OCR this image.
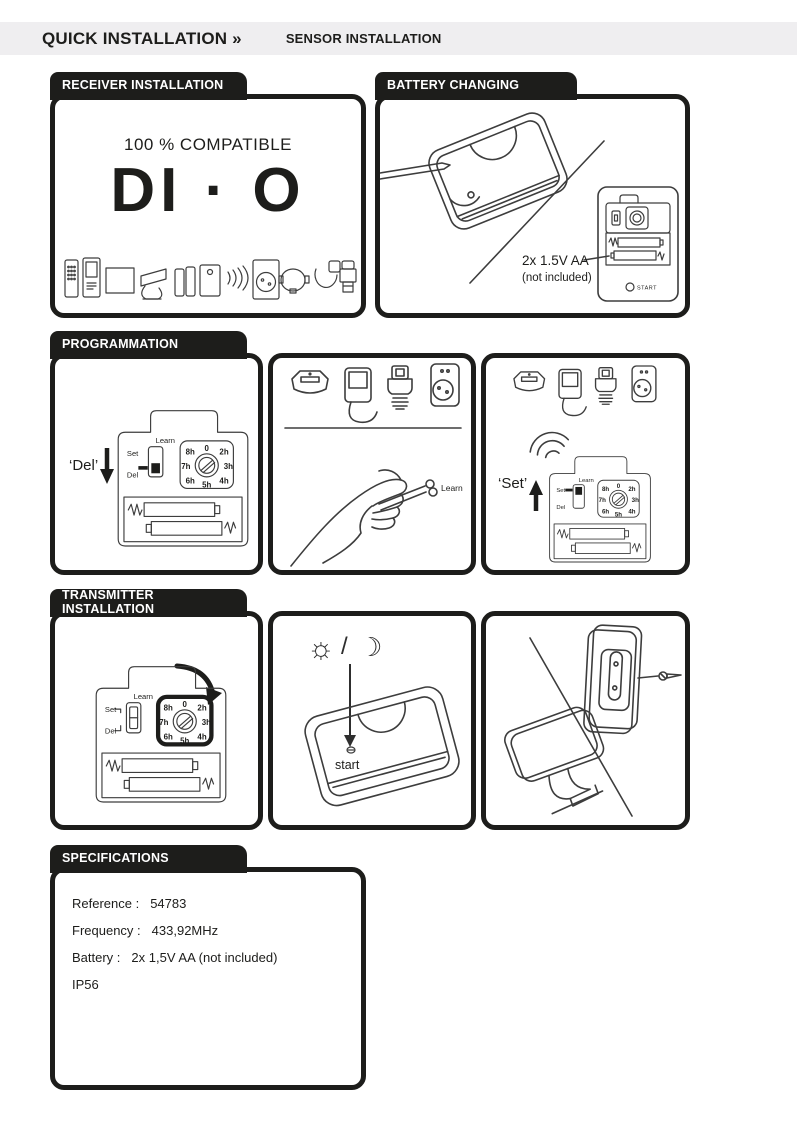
QUICK INSTALLATION »	SENSOR INSTALLATION
RECEIVER INSTALLATION
100 % COMPATIBLE
DI · O
BATTERY CHANGING
START
2x 1.5V AA
(not included)
PROGRAMMATION
‘Del’
Learn
Set
Del
8h 0 2h
7h	3h
6h 5h 4h
Learn ‘Set’	Learn
Set
Del
8h 0 2h
7h 3h
6h 5h 4h
TRANSMITTER INSTALLATION
Learn
Set
Del
8h 0 2h
7h	3h
6h 5h 4h
☼ / ☽
start
SPECIFICATIONS
Reference : 54783
Frequency : 433,92MHz
Battery : 2x 1,5V AA (not included)
IP56
